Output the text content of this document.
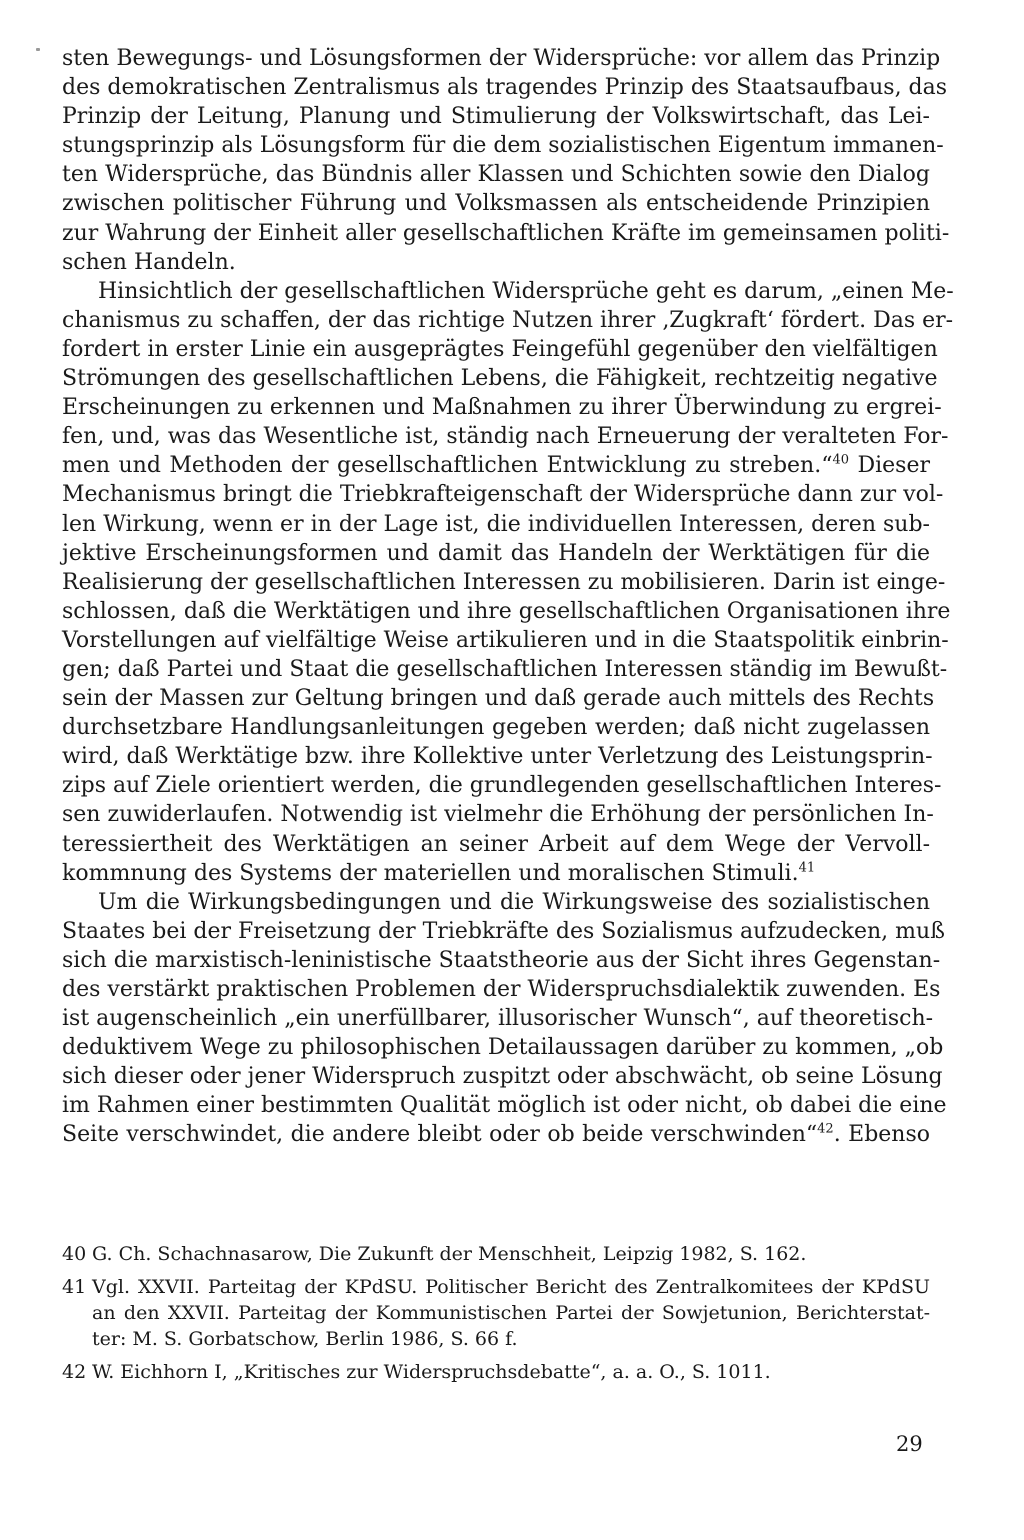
sten Bewegungs- und Lösungsformen der Widersprüche: vor allem das Prinzip
des demokratischen Zentralismus als tragendes Prinzip des Staatsaufbaus, das
Prinzip der Leitung, Planung und Stimulierung der Volkswirtschaft, das Lei-
stungsprinzip als Lösungsform für die dem sozialistischen Eigentum immanen-
ten Widersprüche, das Bündnis aller Klassen und Schichten sowie den Dialog
zwischen politischer Führung und Volksmassen als entscheidende Prinzipien
zur Wahrung der Einheit aller gesellschaftlichen Kräfte im gemeinsamen politi-
schen Handeln.
Hinsichtlich der gesellschaftlichen Widersprüche geht es darum, „einen Me-
chanismus zu schaffen, der das richtige Nutzen ihrer ‚Zugkraft‘ fördert. Das er-
fordert in erster Linie ein ausgeprägtes Feingefühl gegenüber den vielfältigen
Strömungen des gesellschaftlichen Lebens, die Fähigkeit, rechtzeitig negative
Erscheinungen zu erkennen und Maßnahmen zu ihrer Überwindung zu ergrei-
fen, und, was das Wesentliche ist, ständig nach Erneuerung der veralteten For-
men und Methoden der gesellschaftlichen Entwicklung zu streben.“$^{40}$ Dieser
Mechanismus bringt die Triebkrafteigenschaft der Widersprüche dann zur vol-
len Wirkung, wenn er in der Lage ist, die individuellen Interessen, deren sub-
jektive Erscheinungsformen und damit das Handeln der Werktätigen für die
Realisierung der gesellschaftlichen Interessen zu mobilisieren. Darin ist einge-
schlossen, daß die Werktätigen und ihre gesellschaftlichen Organisationen ihre
Vorstellungen auf vielfältige Weise artikulieren und in die Staatspolitik einbrin-
gen; daß Partei und Staat die gesellschaftlichen Interessen ständig im Bewußt-
sein der Massen zur Geltung bringen und daß gerade auch mittels des Rechts
durchsetzbare Handlungsanleitungen gegeben werden; daß nicht zugelassen
wird, daß Werktätige bzw. ihre Kollektive unter Verletzung des Leistungsprin-
zips auf Ziele orientiert werden, die grundlegenden gesellschaftlichen Interes-
sen zuwiderlaufen. Notwendig ist vielmehr die Erhöhung der persönlichen In-
teressiertheit des Werktätigen an seiner Arbeit auf dem Wege der Vervoll-
kommnung des Systems der materiellen und moralischen Stimuli.$^{41}$
Um die Wirkungsbedingungen und die Wirkungsweise des sozialistischen
Staates bei der Freisetzung der Triebkräfte des Sozialismus aufzudecken, muß
sich die marxistisch-leninistische Staatstheorie aus der Sicht ihres Gegenstan-
des verstärkt praktischen Problemen der Widerspruchsdialektik zuwenden. Es
ist augenscheinlich „ein unerfüllbarer, illusorischer Wunsch“, auf theoretisch-
deduktivem Wege zu philosophischen Detailaussagen darüber zu kommen, „ob
sich dieser oder jener Widerspruch zuspitzt oder abschwächt, ob seine Lösung
im Rahmen einer bestimmten Qualität möglich ist oder nicht, ob dabei die eine
Seite verschwindet, die andere bleibt oder ob beide verschwinden“$^{42}$. Ebenso
40 G. Ch. Schachnasarow, Die Zukunft der Menschheit, Leipzig 1982, S. 162.
41 Vgl. XXVII. Parteitag der KPdSU. Politischer Bericht des Zentralkomitees der KPdSU
an den XXVII. Parteitag der Kommunistischen Partei der Sowjetunion, Berichterstat-
ter: M. S. Gorbatschow, Berlin 1986, S. 66 f.
42 W. Eichhorn I, „Kritisches zur Widerspruchsdebatte“, a. a. O., S. 1011.
29
